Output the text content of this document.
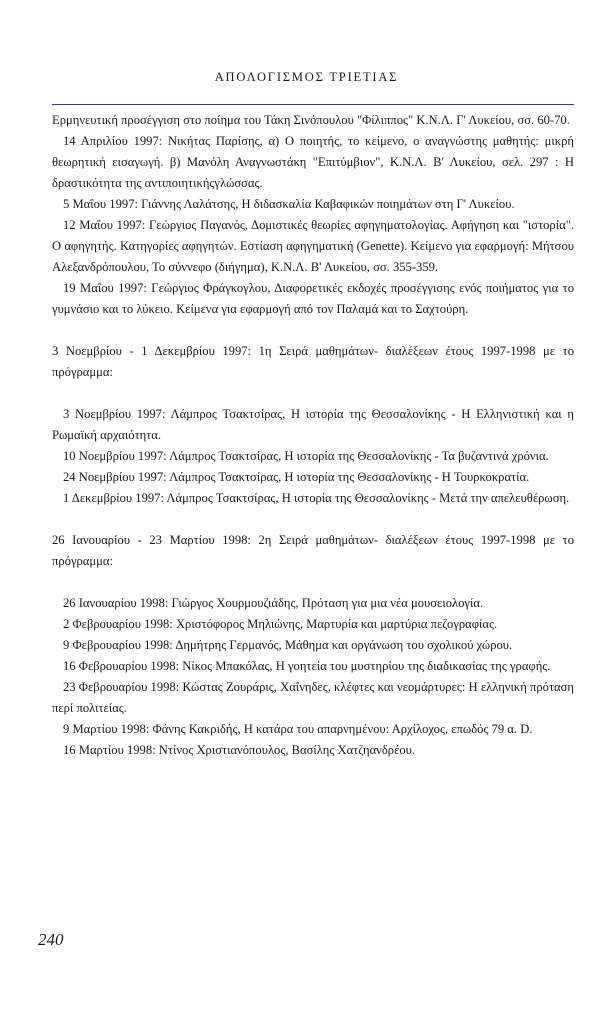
ΑΠΟΛΟΓΙΣΜΟΣ ΤΡΙΕΤΙΑΣ

Ερμηνευτική προσέγγιση στο ποίημα του Τάκη Σινόπουλου "Φίλιππος" Κ.Ν.Λ. Γ' Λυκείου, σσ. 60-70.

14 Απριλίου 1997: Νικήτας Παρίσης, α) Ο ποιητής, το κείμενο, ο αναγνώστης μαθητής: μικρή θεωρητική εισαγωγή. β) Μανόλη Αναγνωστάκη "Επιτύμβιον", Κ.Ν.Λ. Β' Λυκείου, σελ. 297 : Η δραστικότητα της αντιποιητικήςγλώσσας.

5 Μαΐου 1997: Γιάννης Λαλάτσης, Η διδασκαλία Καβαφικών ποιημάτων στη Γ' Λυκείου.

12 Μαΐου 1997: Γεώργιος Παγανός, Δομιστικές θεωρίες αφηγηματολογίας. Αφήγηση και "ιστορία". Ο αφηγητής. Κατηγορίες αφηγητών. Εστίαση αφηγηματική (Genette). Κείμενο για εφαρμογή: Μήτσου Αλεξανδρόπουλου, Το σύννεφο (διήγημα), Κ.Ν.Λ. Β' Λυκείου, σσ. 355-359.

19 Μαΐου 1997: Γεώργιος Φράγκογλου, Διαφορετικές εκδοχές προσέγγισης ενός ποιήματος για το γυμνάσιο και το λύκειο. Κείμενα για εφαρμογή από τον Παλαμά και το Σαχτούρη.

3 Νοεμβρίου - 1 Δεκεμβρίου 1997: 1η Σειρά μαθημάτων- διαλέξεων έτους 1997-1998 με το πρόγραμμα:

3 Νοεμβρίου 1997: Λάμπρος Τσακτσίρας, Η ιστορία της Θεσσαλονίκης - Η Ελληνιστική και η Ρωμαϊκή αρχαιότητα.

10 Νοεμβρίου 1997: Λάμπρος Τσακτσίρας, Η ιστορία της Θεσσαλονίκης - Τα βυζαντινά χρόνια.

24 Νοεμβρίου 1997: Λάμπρος Τσακτσίρας, Η ιστορία της Θεσσαλονίκης - Η Τουρκοκρατία.

1 Δεκεμβρίου 1997: Λάμπρος Τσακτσίρας, Η ιστορία της Θεσσαλονίκης - Μετά την απελευθέρωση.

26 Ιανουαρίου - 23 Μαρτίου 1998: 2η Σειρά μαθημάτων- διαλέξεων έτους 1997-1998 με το πρόγραμμα:

26 Ιανουαρίου 1998: Γιώργος Χουρμουζιάδης, Πρόταση για μια νέα μουσειολογία.

2 Φεβρουαρίου 1998: Χριστόφορος Μηλιώνης, Μαρτυρία και μαρτύρια πεζογραφίας.

9 Φεβρουαρίου 1998: Δημήτρης Γερμανός, Μάθημα και οργάνωση του σχολικού χώρου.

16 Φεβρουαρίου 1998: Νίκος Μπακόλας, Η γοητεία του μυστηρίου της διαδικασίας της γραφής.

23 Φεβρουαρίου 1998: Κώστας Ζουράρις, Χαΐνηδες, κλέφτες και νεομάρτυρες: Η ελληνική πρόταση περί πολιτείας.

9 Μαρτίου 1998: Φάνης Κακριδής, Η κατάρα του απαρνημένου: Αρχίλοχος, επωδός 79 α. D.

16 Μαρτίου 1998: Ντίνος Χριστιανόπουλος, Βασίλης Χατζηανδρέου.

240
